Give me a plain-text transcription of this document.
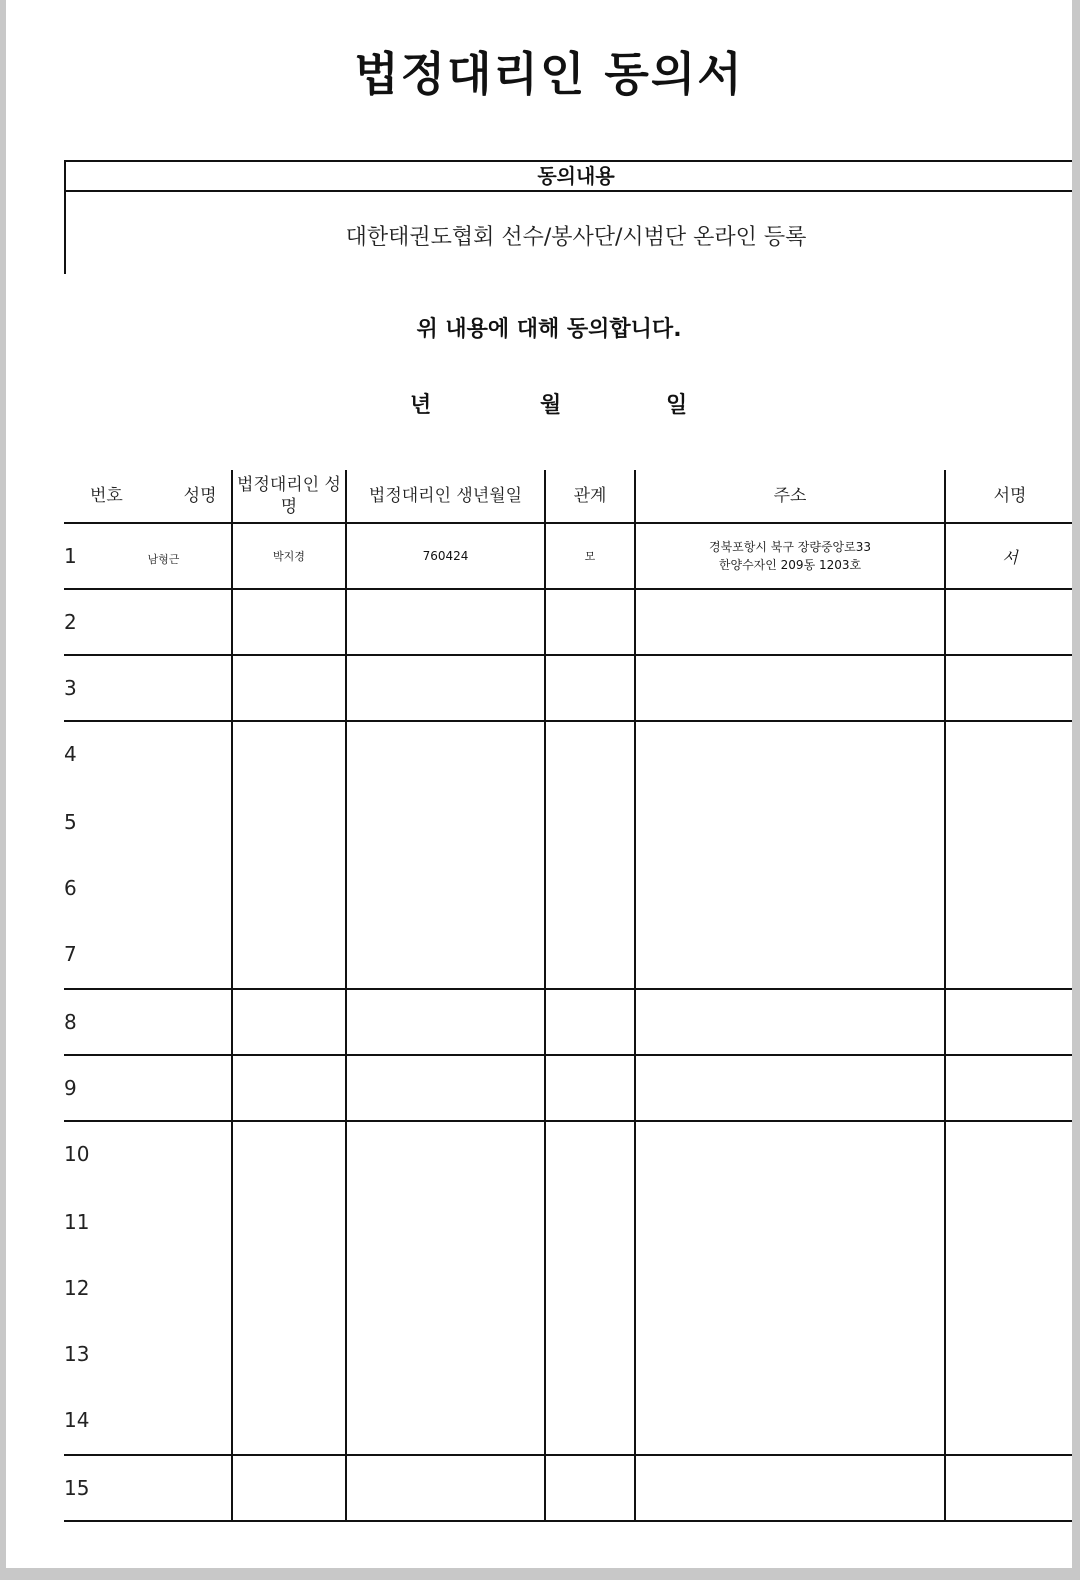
법정대리인 동의서
동의내용
대한태권도협회 선수/봉사단/시범단 온라인 등록
위 내용에 대해 동의합니다.
년	월	일
번호 성명	법정대리인 성명	법정대리인 생년월일	관계	주소	서명
1 남형근	박지경	760424	모	경북포항시 북구 장량중앙로33
한양수자인 209동 1203호	서
2					
3					

4
5
6
7					

8					
9					

10
11
12
13
14					

15					
